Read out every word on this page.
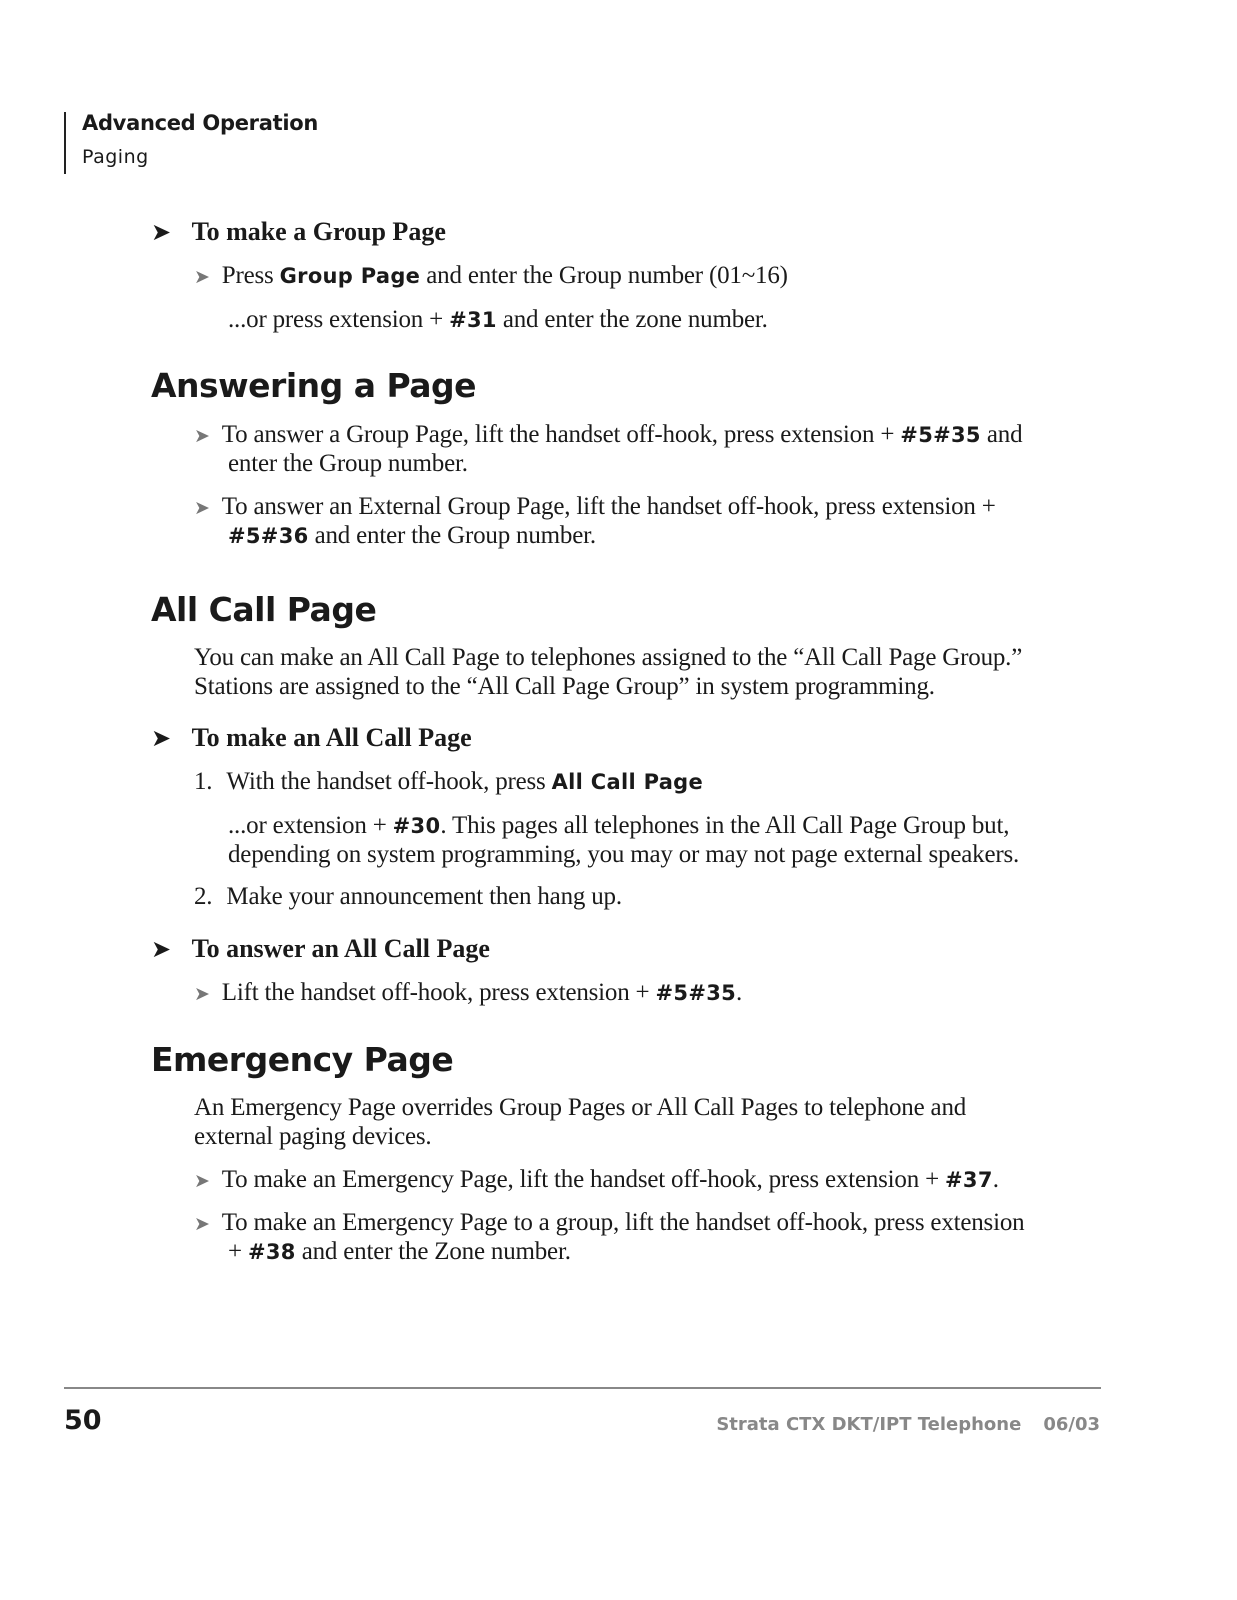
Advanced Operation
Paging
➤ To make a Group Page
➤ Press Group Page and enter the Group number (01~16)
...or press extension + #31 and enter the zone number.
Answering a Page
➤ To answer a Group Page, lift the handset off-hook, press extension + #5#35 and
enter the Group number.
➤ To answer an External Group Page, lift the handset off-hook, press extension +
#5#36 and enter the Group number.
All Call Page
You can make an All Call Page to telephones assigned to the “All Call Page Group.”
Stations are assigned to the “All Call Page Group” in system programming.
➤ To make an All Call Page
1. With the handset off-hook, press All Call Page
...or extension + #30. This pages all telephones in the All Call Page Group but,
depending on system programming, you may or may not page external speakers.
2. Make your announcement then hang up.
➤ To answer an All Call Page
➤ Lift the handset off-hook, press extension + #5#35.
Emergency Page
An Emergency Page overrides Group Pages or All Call Pages to telephone and
external paging devices.
➤ To make an Emergency Page, lift the handset off-hook, press extension + #37.
➤ To make an Emergency Page to a group, lift the handset off-hook, press extension
+ #38 and enter the Zone number.
50	Strata CTX DKT/IPT Telephone 06/03
